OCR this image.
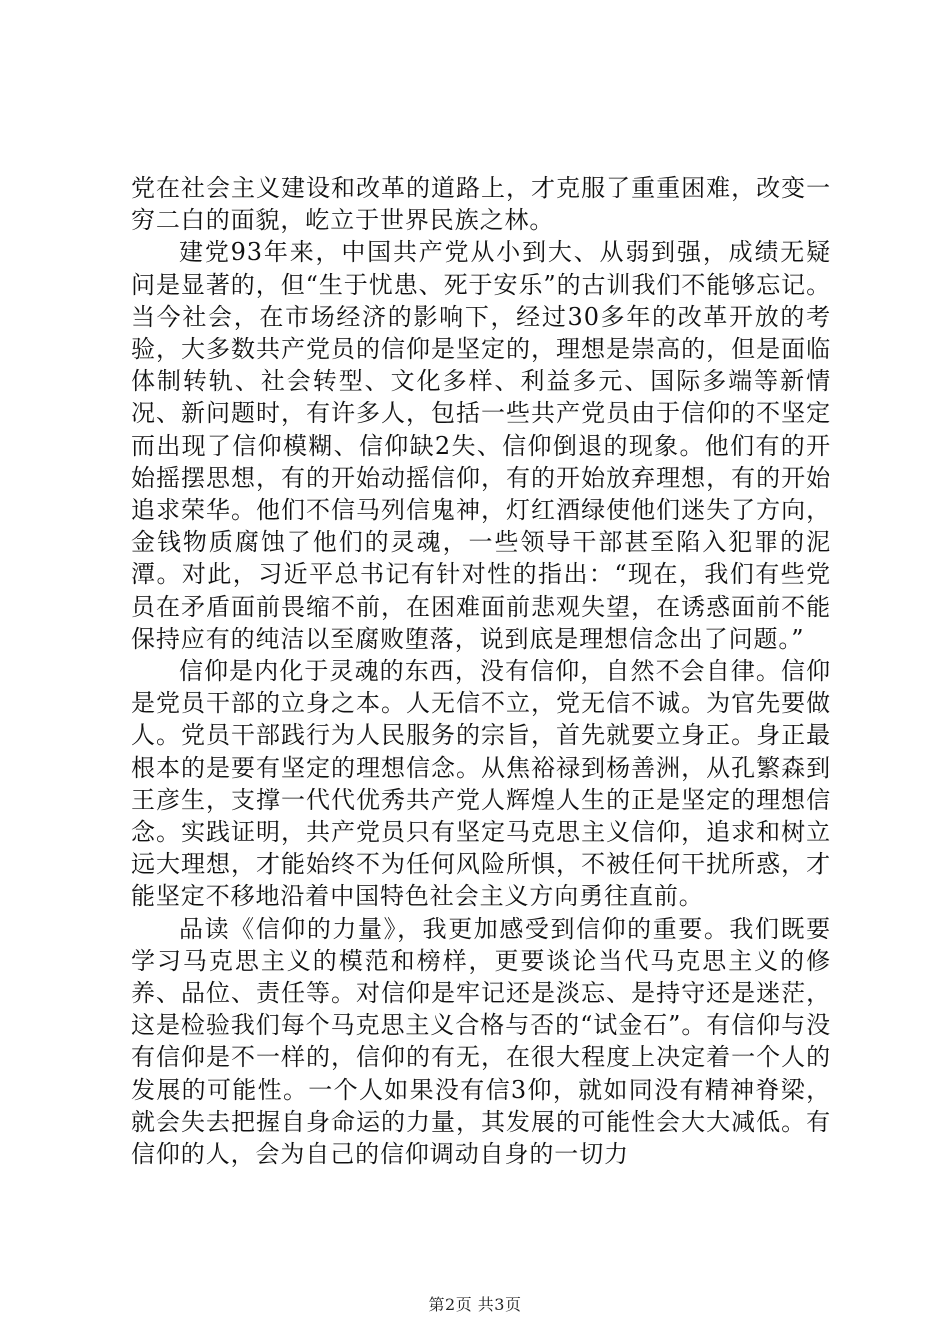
党在社会主义建设和改革的道路上，才克服了重重困难，改变一穷二白的面貌，屹立于世界民族之林。

建党93年来，中国共产党从小到大、从弱到强，成绩无疑问是显著的，但“生于忧患、死于安乐”的古训我们不能够忘记。当今社会，在市场经济的影响下，经过30多年的改革开放的考验，大多数共产党员的信仰是坚定的，理想是崇高的，但是面临体制转轨、社会转型、文化多样、利益多元、国际多端等新情况、新问题时，有许多人，包括一些共产党员由于信仰的不坚定而出现了信仰模糊、信仰缺2失、信仰倒退的现象。他们有的开始摇摆思想，有的开始动摇信仰，有的开始放弃理想，有的开始追求荣华。他们不信马列信鬼神，灯红酒绿使他们迷失了方向，金钱物质腐蚀了他们的灵魂，一些领导干部甚至陷入犯罪的泥潭。对此，习近平总书记有针对性的指出：“现在，我们有些党员在矛盾面前畏缩不前，在困难面前悲观失望，在诱惑面前不能保持应有的纯洁以至腐败堕落，说到底是理想信念出了问题。”

信仰是内化于灵魂的东西，没有信仰，自然不会自律。信仰是党员干部的立身之本。人无信不立，党无信不诚。为官先要做人。党员干部践行为人民服务的宗旨，首先就要立身正。身正最根本的是要有坚定的理想信念。从焦裕禄到杨善洲，从孔繁森到王彦生，支撑一代代优秀共产党人辉煌人生的正是坚定的理想信念。实践证明，共产党员只有坚定马克思主义信仰，追求和树立远大理想，才能始终不为任何风险所惧，不被任何干扰所惑，才能坚定不移地沿着中国特色社会主义方向勇往直前。

品读《信仰的力量》，我更加感受到信仰的重要。我们既要学习马克思主义的模范和榜样，更要谈论当代马克思主义的修养、品位、责任等。对信仰是牢记还是淡忘、是持守还是迷茫，这是检验我们每个马克思主义合格与否的“试金石”。有信仰与没有信仰是不一样的，信仰的有无，在很大程度上决定着一个人的发展的可能性。一个人如果没有信3仰，就如同没有精神脊梁，就会失去把握自身命运的力量，其发展的可能性会大大减低。有信仰的人，会为自己的信仰调动自身的一切力

第2页 共3页
